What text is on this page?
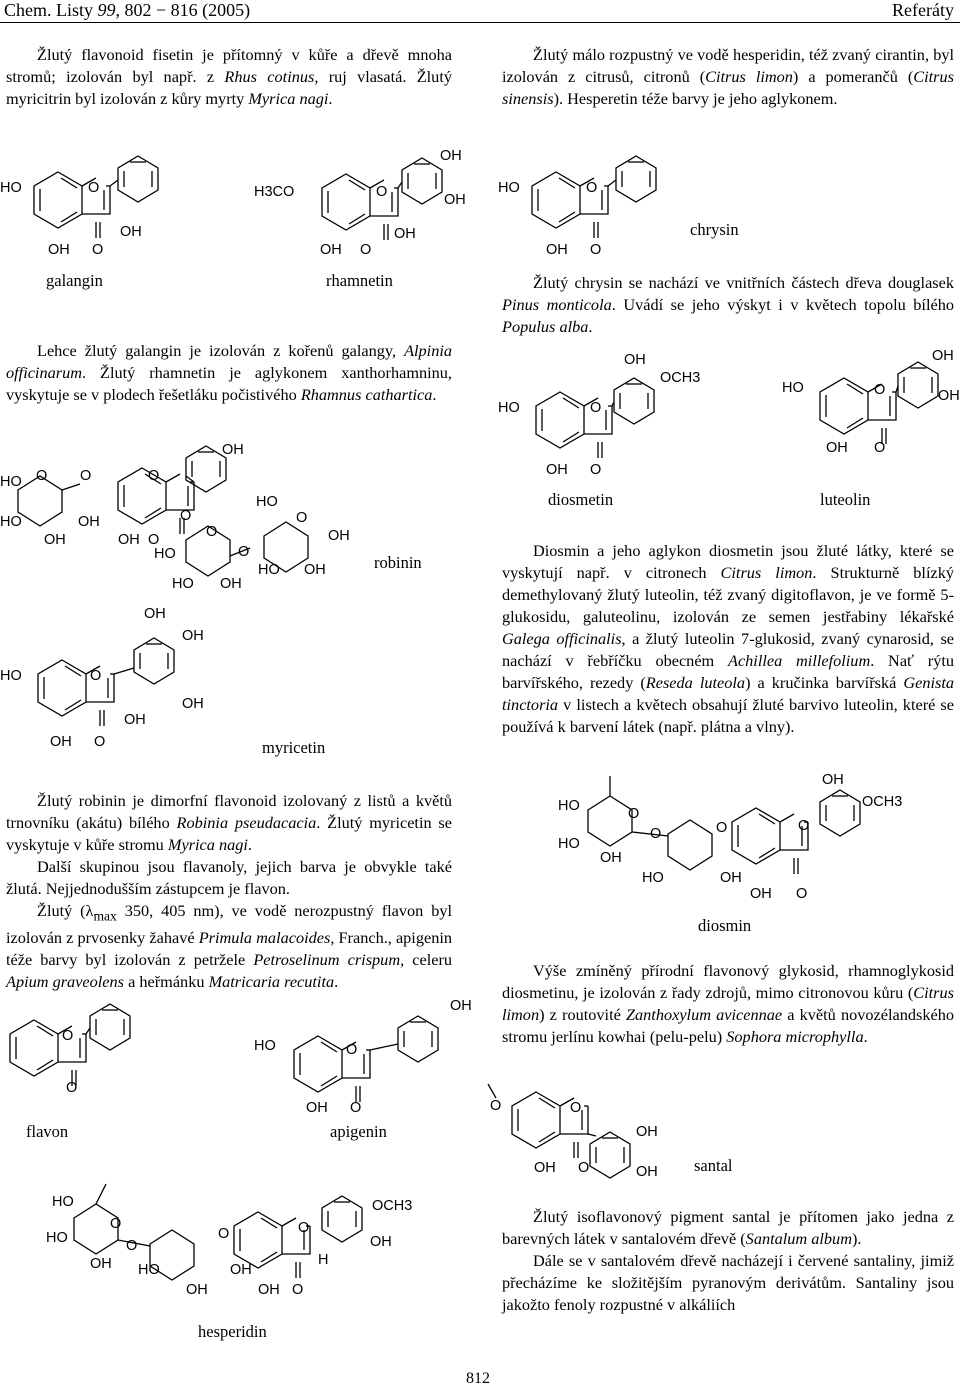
Chem. Listy 99, 802 − 816 (2005)	Referáty

Žlutý flavonoid fisetin je přítomný v kůře a dřevě mnoha stromů; izolován byl např. z Rhus cotinus, ruj vlasatá. Žlutý myricitrin byl izolován z kůry myrty Myrica nagi.

HO	O
OH
OH O
H3CO	O
OH
OH
OH
OH O
galangin	rhamnetin

Lehce žlutý galangin je izolován z kořenů galangy, Alpinia officinarum. Žlutý rhamnetin je aglykonem xanthorhamninu, vyskytuje se v plodech řešetláku počistivého Rhamnus cathartica.

HO
HO
OH
OH
O O	O
OH O
O
OH
O
O
HO
HO OH
HO
O
OH
HO OH	robinin
HO	O
OH
OH
OH
OH
OH O	myricetin

Žlutý robinin je dimorfní flavonoid izolovaný z listů a květů trnovníku (akátu) bílého Robinia pseudacacia. Žlutý myricetin se vyskytuje v kůře stromu Myrica nagi.

Další skupinou jsou flavanoly, jejich barva je obvykle také žlutá. Nejjednodušším zástupcem je flavon.

Žlutý ($\lambda_{max}$ 350, 405 nm), ve vodě nerozpustný flavon byl izolován z prvosenky žahavé Primula malacoides, Franch., apigenin téže barvy byl izolován z petržele Petroselinum crispum, celeru Apium graveolens a heřmánku Matricaria recutita.

O
O
flavon
HO	O
OH
OH O
apigenin
HO
HO
OH
O
O
O
HO	OH
OH	OH O
O
H
OCH3
OH
hesperidin

Žlutý málo rozpustný ve vodě hesperidin, též zvaný cirantin, byl izolován z citrusů, citronů (Citrus limon) a pomerančů (Citrus sinensis). Hesperetin téže barvy je jeho aglykonem.

HO	O
OH O
chrysin

Žlutý chrysin se nachází ve vnitřních částech dřeva douglasek Pinus monticola. Uvádí se jeho výskyt i v květech topolu bílého Populus alba.

HO	O
OH
OCH3
OH O
HO	O
OH
OH
OH O
diosmetin	luteolin

Diosmin a jeho aglykon diosmetin jsou žluté látky, které se vyskytují např. v citronech Citrus limon. Strukturně blízký demethylovaný žlutý luteolin, též zvaný digitoflavon, je ve formě 5-glukosidu, galuteolinu, izolován ze semen jestřabiny lékařské Galega officinalis, a žlutý luteolin 7-glukosid, zvaný cynarosid, se nachází v řebříčku obecném Achillea millefolium. Nať rýtu barvířského, rezedy (Reseda luteola) a kručinka barvířská Genista tinctoria v listech a květech obsahují žluté barvivo luteolin, které se používá k barvení látek (např. plátna a vlny).

HO
HO
OH
O
O	O
HO	OH
OH O
O
OH
OCH3
diosmin

Výše zmíněný přírodní flavonový glykosid, rhamnoglykosid diosmetinu, je izolován z řady zdrojů, mimo citronovou kůru (Citrus limon) z routovité Zanthoxylum avicennae a květů novozélandského stromu jerlínu kowhai (pelu-pelu) Sophora microphylla.

O	O
OH O
OH
OH santal

Žlutý isoflavonový pigment santal je přítomen jako jedna z barevných látek v santalovém dřevě (Santalum album).

Dále se v santalovém dřevě nacházejí i červené santaliny, jimiž přecházíme ke složitějším pyranovým derivátům. Santaliny jsou jakožto fenoly rozpustné v alkáliích

812
